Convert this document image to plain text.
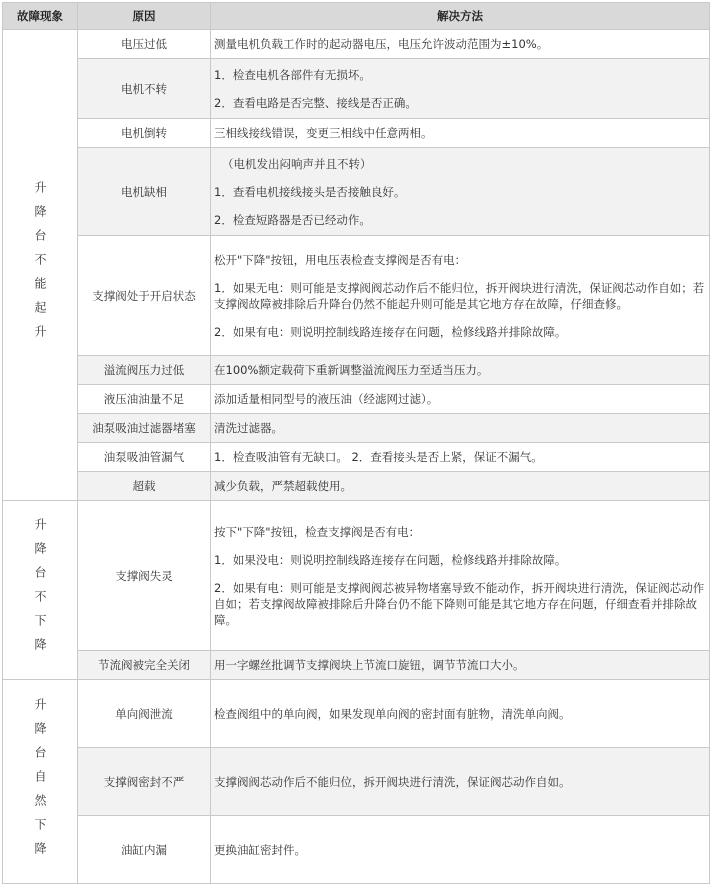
故障现象	原因	解决方法
升降台不能起升	电压过低	测量电机负载工作时的起动器电压，电压允许波动范围为±10%。

	电机不转	1．检查电机各部件有无损坏。
2．查看电路是否完整、接线是否正确。

	电机倒转	三相线接线错误，变更三相线中任意两相。

	电机缺相	（电机发出闷响声并且不转）
1．查看电机接线接头是否接触良好。
2．检查短路器是否已经动作。

	支撑阀处于开启状态	松开"下降"按钮，用电压表检查支撑阀是否有电：
1．如果无电：则可能是支撑阀阀芯动作后不能归位，拆开阀块进行清洗，保证阀芯动作自如；若支撑阀故障被排除后升降台仍然不能起升则可能是其它地方存在故障，仔细查修。
2．如果有电：则说明控制线路连接存在问题，检修线路并排除故障。

	溢流阀压力过低	在100%额定载荷下重新调整溢流阀压力至适当压力。

	液压油油量不足	添加适量相同型号的液压油（经滤网过滤）。

	油泵吸油过滤器堵塞	清洗过滤器。

	油泵吸油管漏气	1．检查吸油管有无缺口。 2．查看接头是否上紧，保证不漏气。

	超载	减少负载，严禁超载使用。

升降台不下降	支撑阀失灵	按下"下降"按钮，检查支撑阀是否有电：
1．如果没电：则说明控制线路连接存在问题，检修线路并排除故障。
2．如果有电：则可能是支撑阀阀芯被异物堵塞导致不能动作，拆开阀块进行清洗，保证阀芯动作自如；若支撑阀故障被排除后升降台仍不能下降则可能是其它地方存在问题，仔细查看并排除故障。

	节流阀被完全关闭	用一字螺丝批调节支撑阀块上节流口旋钮，调节节流口大小。

升降台自然下降	单向阀泄流	检查阀组中的单向阀，如果发现单向阀的密封面有脏物，清洗单向阀。

	支撑阀密封不严	支撑阀阀芯动作后不能归位，拆开阀块进行清洗，保证阀芯动作自如。

	油缸内漏	更换油缸密封件。
